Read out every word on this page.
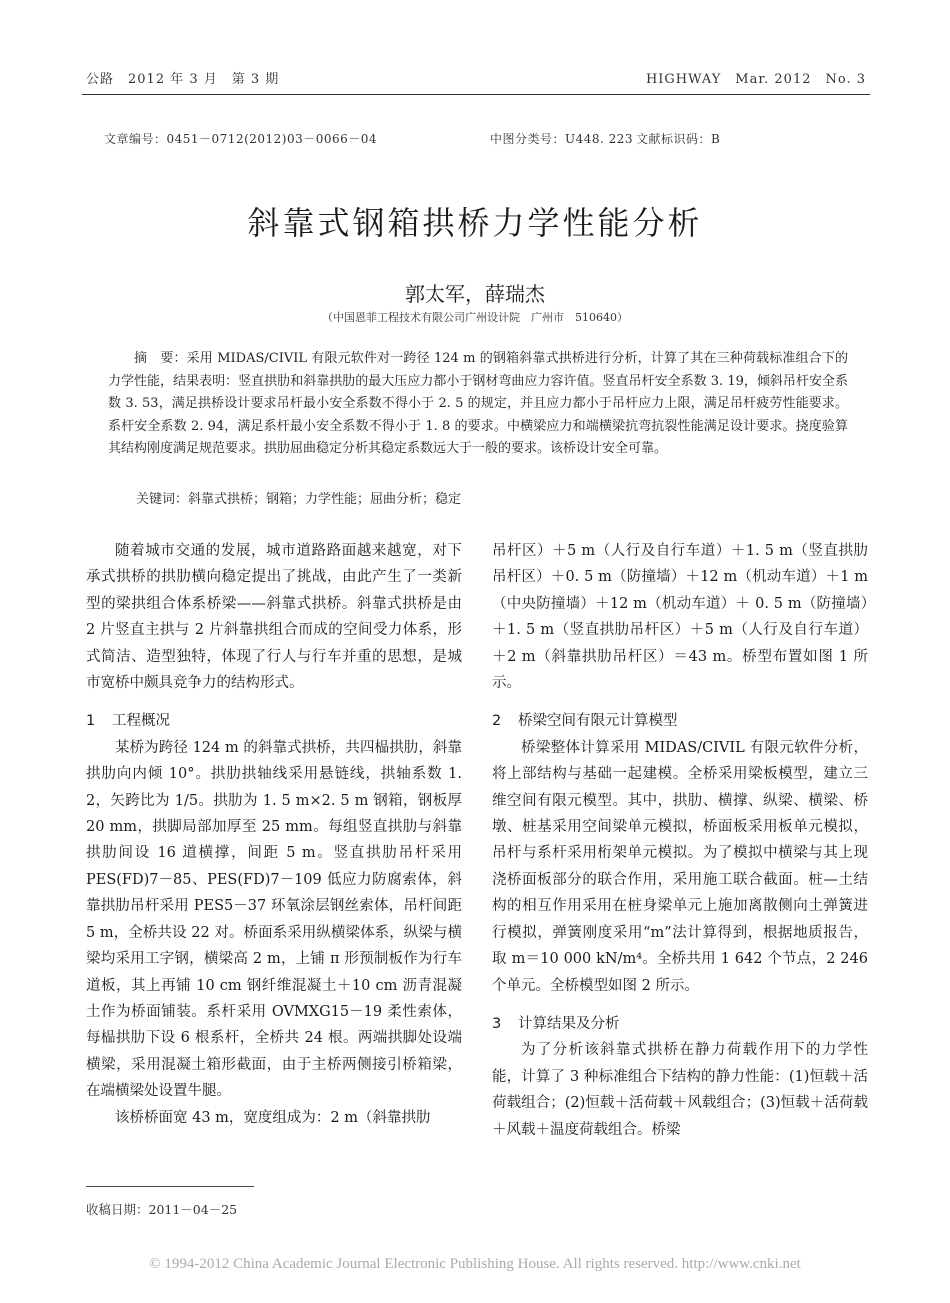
公路　2012 年 3 月　第 3 期	HIGHWAY　Mar. 2012　No. 3
文章编号：0451－0712(2012)03－0066－04	中图分类号：U448. 223 文献标识码：B
斜靠式钢箱拱桥力学性能分析
郭太军，薛瑞杰
（中国恩菲工程技术有限公司广州设计院　广州市　510640）
摘　要：采用 MIDAS/CIVIL 有限元软件对一跨径 124 m 的钢箱斜靠式拱桥进行分析，计算了其在三种荷载标准组合下的力学性能，结果表明：竖直拱肋和斜靠拱肋的最大压应力都小于钢材弯曲应力容许值。竖直吊杆安全系数 3. 19，倾斜吊杆安全系数 3. 53，满足拱桥设计要求吊杆最小安全系数不得小于 2. 5 的规定，并且应力都小于吊杆应力上限，满足吊杆疲劳性能要求。系杆安全系数 2. 94，满足系杆最小安全系数不得小于 1. 8 的要求。中横梁应力和端横梁抗弯抗裂性能满足设计要求。挠度验算其结构刚度满足规范要求。拱肋屈曲稳定分析其稳定系数远大于一般的要求。该桥设计安全可靠。
关键词：斜靠式拱桥；钢箱；力学性能；屈曲分析；稳定

随着城市交通的发展，城市道路路面越来越宽，对下承式拱桥的拱肋横向稳定提出了挑战，由此产生了一类新型的梁拱组合体系桥梁——斜靠式拱桥。斜靠式拱桥是由 2 片竖直主拱与 2 片斜靠拱组合而成的空间受力体系，形式简洁、造型独特，体现了行人与行车并重的思想，是城市宽桥中颇具竞争力的结构形式。

1 工程概况

某桥为跨径 124 m 的斜靠式拱桥，共四榀拱肋，斜靠拱肋向内倾 10°。拱肋拱轴线采用悬链线，拱轴系数 1. 2，矢跨比为 1/5。拱肋为 1. 5 m×2. 5 m 钢箱，钢板厚 20 mm，拱脚局部加厚至 25 mm。每组竖直拱肋与斜靠拱肋间设 16 道横撑，间距 5 m。竖直拱肋吊杆采用 PES(FD)7－85、PES(FD)7－109 低应力防腐索体，斜靠拱肋吊杆采用 PES5－37 环氧涂层钢丝索体，吊杆间距 5 m，全桥共设 22 对。桥面系采用纵横梁体系，纵梁与横梁均采用工字钢，横梁高 2 m，上铺 π 形预制板作为行车道板，其上再铺 10 cm 钢纤维混凝土＋10 cm 沥青混凝土作为桥面铺装。系杆采用 OVMXG15－19 柔性索体，每榀拱肋下设 6 根系杆，全桥共 24 根。两端拱脚处设端横梁，采用混凝土箱形截面，由于主桥两侧接引桥箱梁，在端横梁处设置牛腿。

该桥桥面宽 43 m，宽度组成为：2 m（斜靠拱肋

吊杆区）＋5 m（人行及自行车道）＋1. 5 m（竖直拱肋吊杆区）＋0. 5 m（防撞墙）＋12 m（机动车道）＋1 m（中央防撞墙）＋12 m（机动车道）＋ 0. 5 m（防撞墙）＋1. 5 m（竖直拱肋吊杆区）＋5 m（人行及自行车道）＋2 m（斜靠拱肋吊杆区）＝43 m。桥型布置如图 1 所示。

2 桥梁空间有限元计算模型

桥梁整体计算采用 MIDAS/CIVIL 有限元软件分析，将上部结构与基础一起建模。全桥采用梁板模型，建立三维空间有限元模型。其中，拱肋、横撑、纵梁、横梁、桥墩、桩基采用空间梁单元模拟，桥面板采用板单元模拟，吊杆与系杆采用桁架单元模拟。为了模拟中横梁与其上现浇桥面板部分的联合作用，采用施工联合截面。桩—土结构的相互作用采用在桩身梁单元上施加离散侧向土弹簧进行模拟，弹簧刚度采用“m”法计算得到，根据地质报告，取 m＝10 000 kN/m⁴。全桥共用 1 642 个节点，2 246 个单元。全桥模型如图 2 所示。

3 计算结果及分析

为了分析该斜靠式拱桥在静力荷载作用下的力学性能，计算了 3 种标准组合下结构的静力性能：(1)恒载＋活荷载组合；(2)恒载＋活荷载＋风载组合；(3)恒载＋活荷载＋风载＋温度荷载组合。桥梁

收稿日期：2011－04－25
© 1994-2012 China Academic Journal Electronic Publishing House. All rights reserved. http://www.cnki.net
